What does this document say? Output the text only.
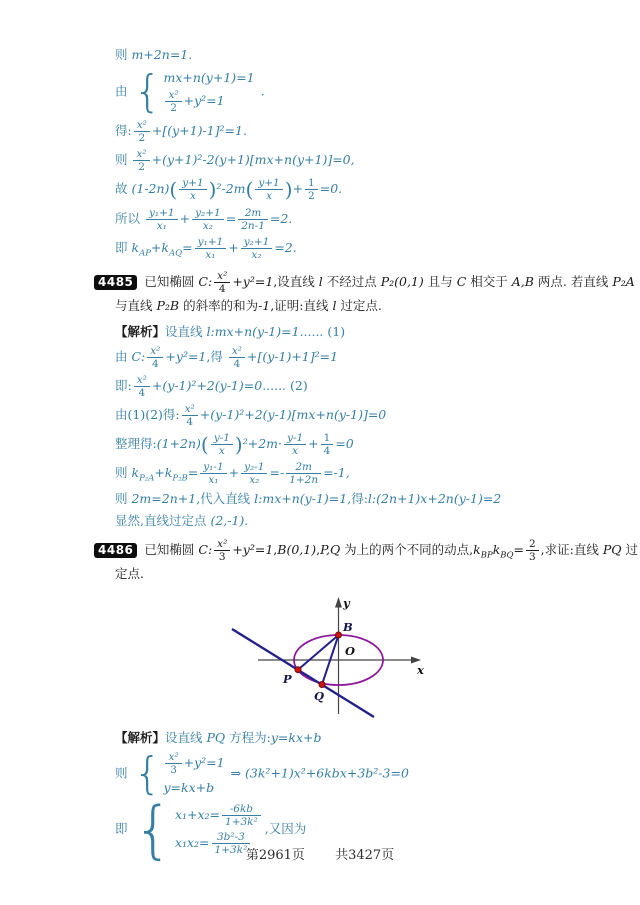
则 m+2n=1.
由 { mx+n(y+1)=1
$\frac{\text{x²}}{2} +y^2=1$
.
得: $\frac{\text{x²}}{2} +[(y+1)-1]^2=1$.
则 $\frac{\text{x²}}{2} +(y+1)^2-2(y+1)[mx+n(y+1)]=0$,
故 $(1-2n)( \frac{y+1}{x} )^2-2m( \frac{y+1}{x}$ )+ $\frac{1}{2} =0$.
所以 $\frac{\text{y₁+1}}{\text{x₁}} + \frac{\text{y₂+1}}{\text{x₂}} = \frac{2m}{2n-1} =2$.
即 $k_{AP}+k_{AQ}= \frac{\text{y₁+1}}{\text{x₁}} + \frac{\text{y₂+1}}{\text{x₂}} =2$.
4485 已知椭圆 C: $\frac{\text{x²}}{4} +y^2=1$,设直线 l 不经过点 P₂(0,1) 且与 C 相交于 A,B 两点. 若直线 P₂A 与直线 P₂B 的斜率的和为-1,证明:直线 l 过定点.
【解析】设直线 l:mx+n(y-1)=1...... (1)
由 C: $\frac{\text{x²}}{4} +y^2=1$,得 $\frac{\text{x²}}{4} +[(y-1)+1]^2=1$
即: $\frac{\text{x²}}{4} +(y-1)^2+2(y-1)=0$...... (2)
由(1)(2)得: $\frac{\text{x²}}{4} +(y-1)^2+2(y-1)[mx+n(y-1)]=0$
整理得:(1+2n)( $\frac{y-1}{x} )^2+2m\cdot \frac{y-1}{x} + \frac{1}{4} =0$
则 $k_{P_2A}+k_{P_2B}= \frac{\text{y₁-1}}{\text{x₁}} + \frac{\text{y₂-1}}{\text{x₂}} =- \frac{2m}{1+2n} =-1$,
则 2m=2n+1,代入直线 l:mx+n(y-1)=1,得:l:(2n+1)x+2n(y-1)=2
显然,直线过定点 (2,-1).
4486 已知椭圆 C: $\frac{\text{x²}}{3} +y^2=1,B(0,1),P,Q$ 为上的两个不同的动点$,k_{BP}k_{BQ}= \frac{2}{3}$ ,求证:直线 PQ 过定点.
y
B
O
x
P
Q
【解析】设直线 PQ 方程为:y=kx+b
则 { $\frac{\text{x²}}{3} +y^2=1$
y=kx+b
⇒ (3k²+1)x²+6kbx+3b²-3=0
即 { $x_1+x_2= \frac{-6kb}{\text{1+3k²}}$
$x_1x_2= \frac{\text{3b²-3}}{\text{1+3k²}}$
,又因为
第2961页 共3427页
